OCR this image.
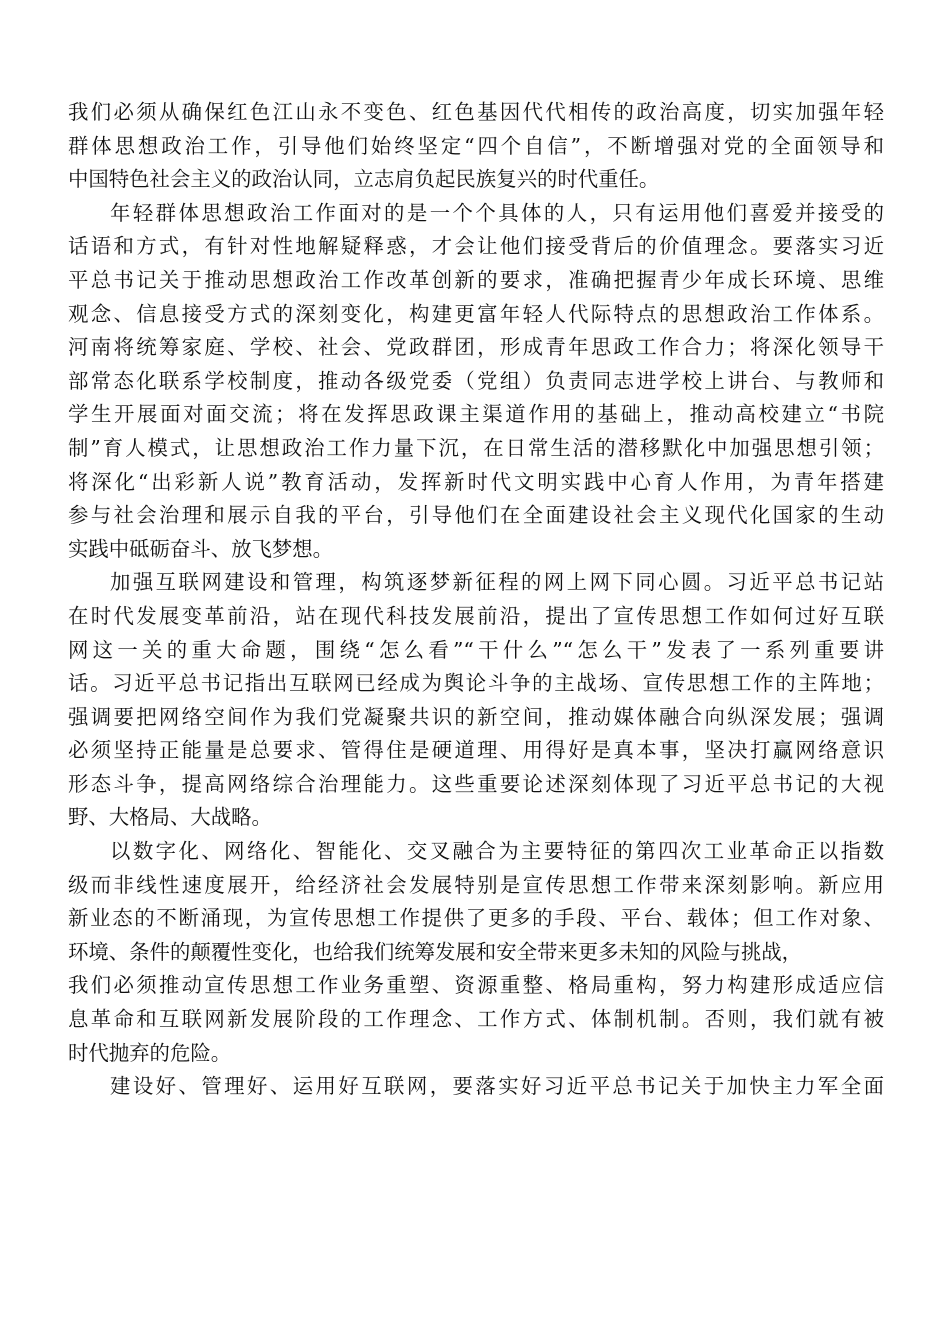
我们必须从确保红色江山永不变色、红色基因代代相传的政治高度，切实加强年轻
群体思想政治工作，引导他们始终坚定“四个自信”，不断增强对党的全面领导和
中国特色社会主义的政治认同，立志肩负起民族复兴的时代重任。
年轻群体思想政治工作面对的是一个个具体的人，只有运用他们喜爱并接受的
话语和方式，有针对性地解疑释惑，才会让他们接受背后的价值理念。要落实习近
平总书记关于推动思想政治工作改革创新的要求，准确把握青少年成长环境、思维
观念、信息接受方式的深刻变化，构建更富年轻人代际特点的思想政治工作体系。
河南将统筹家庭、学校、社会、党政群团，形成青年思政工作合力；将深化领导干
部常态化联系学校制度，推动各级党委（党组）负责同志进学校上讲台、与教师和
学生开展面对面交流；将在发挥思政课主渠道作用的基础上，推动高校建立“书院
制”育人模式，让思想政治工作力量下沉，在日常生活的潜移默化中加强思想引领；
将深化“出彩新人说”教育活动，发挥新时代文明实践中心育人作用，为青年搭建
参与社会治理和展示自我的平台，引导他们在全面建设社会主义现代化国家的生动
实践中砥砺奋斗、放飞梦想。
加强互联网建设和管理，构筑逐梦新征程的网上网下同心圆。习近平总书记站
在时代发展变革前沿，站在现代科技发展前沿，提出了宣传思想工作如何过好互联
网这一关的重大命题，围绕“怎么看”“干什么”“怎么干”发表了一系列重要讲
话。习近平总书记指出互联网已经成为舆论斗争的主战场、宣传思想工作的主阵地；
强调要把网络空间作为我们党凝聚共识的新空间，推动媒体融合向纵深发展；强调
必须坚持正能量是总要求、管得住是硬道理、用得好是真本事，坚决打赢网络意识
形态斗争，提高网络综合治理能力。这些重要论述深刻体现了习近平总书记的大视
野、大格局、大战略。
以数字化、网络化、智能化、交叉融合为主要特征的第四次工业革命正以指数
级而非线性速度展开，给经济社会发展特别是宣传思想工作带来深刻影响。新应用
新业态的不断涌现，为宣传思想工作提供了更多的手段、平台、载体；但工作对象、
环境、条件的颠覆性变化，也给我们统筹发展和安全带来更多未知的风险与挑战，
我们必须推动宣传思想工作业务重塑、资源重整、格局重构，努力构建形成适应信
息革命和互联网新发展阶段的工作理念、工作方式、体制机制。否则，我们就有被
时代抛弃的危险。
建设好、管理好、运用好互联网，要落实好习近平总书记关于加快主力军全面
